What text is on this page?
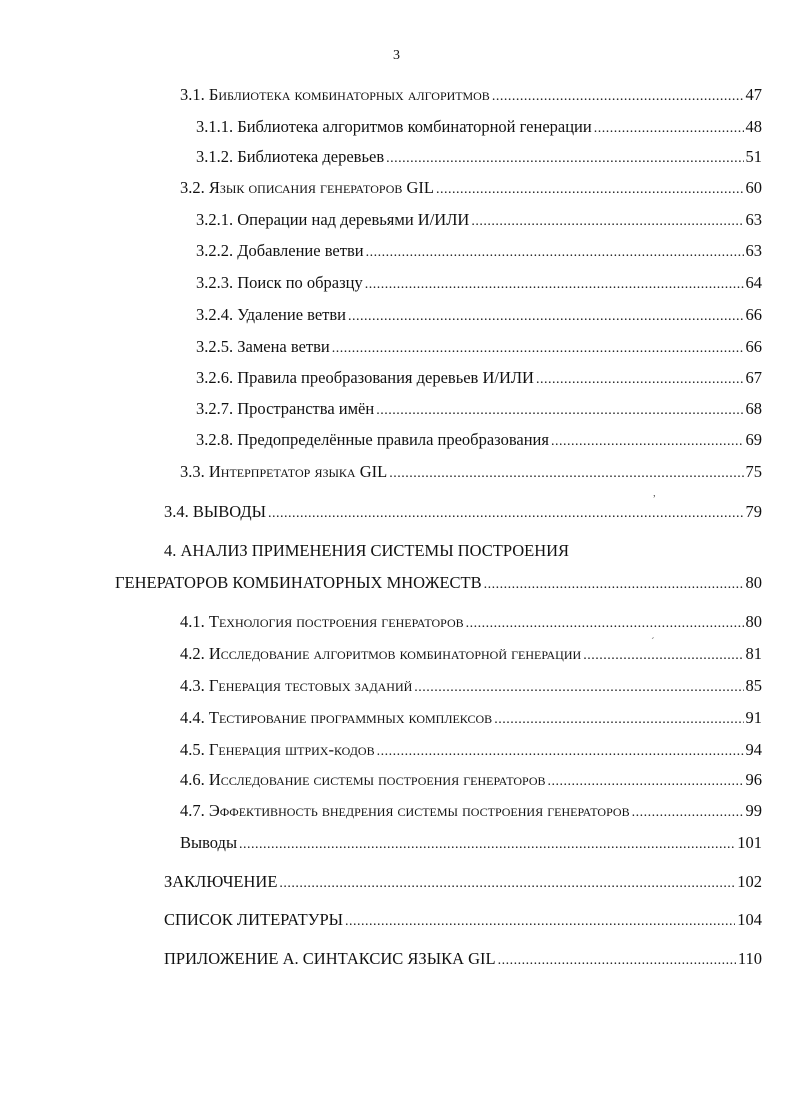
3
3.1. Библиотека комбинаторных алгоритмов .....	47
3.1.1. Библиотека алгоритмов комбинаторной генерации .....	48
3.1.2. Библиотека деревьев .....	51
3.2. Язык описания генераторов GIL .....	60
3.2.1. Операции над деревьями И/ИЛИ .....	63
3.2.2. Добавление ветви .....	63
3.2.3. Поиск по образцу .....	64
3.2.4. Удаление ветви .....	66
3.2.5. Замена ветви .....	66
3.2.6. Правила преобразования деревьев И/ИЛИ .....	67
3.2.7. Пространства имён .....	68
3.2.8. Предопределённые правила преобразования .....	69
3.3. Интерпретатор языка GIL .....	75
,
3.4. ВЫВОДЫ .....	79
4. АНАЛИЗ ПРИМЕНЕНИЯ СИСТЕМЫ ПОСТРОЕНИЯ
ГЕНЕРАТОРОВ КОМБИНАТОРНЫХ МНОЖЕСТВ .....	80
4.1. Технология построения генераторов .....	80
ˊ
4.2. Исследование алгоритмов комбинаторной генерации .....	81
4.3. Генерация тестовых заданий .....	85
4.4. Тестирование программных комплексов .....	91
4.5. Генерация штрих-кодов .....	94
4.6. Исследование системы построения генераторов .....	96
4.7. Эффективность внедрения системы построения генераторов .....	99
Выводы .....	101
ЗАКЛЮЧЕНИЕ .....	102
СПИСОК ЛИТЕРАТУРЫ .....	104
ПРИЛОЖЕНИЕ А. СИНТАКСИС ЯЗЫКА GIL .....	110
